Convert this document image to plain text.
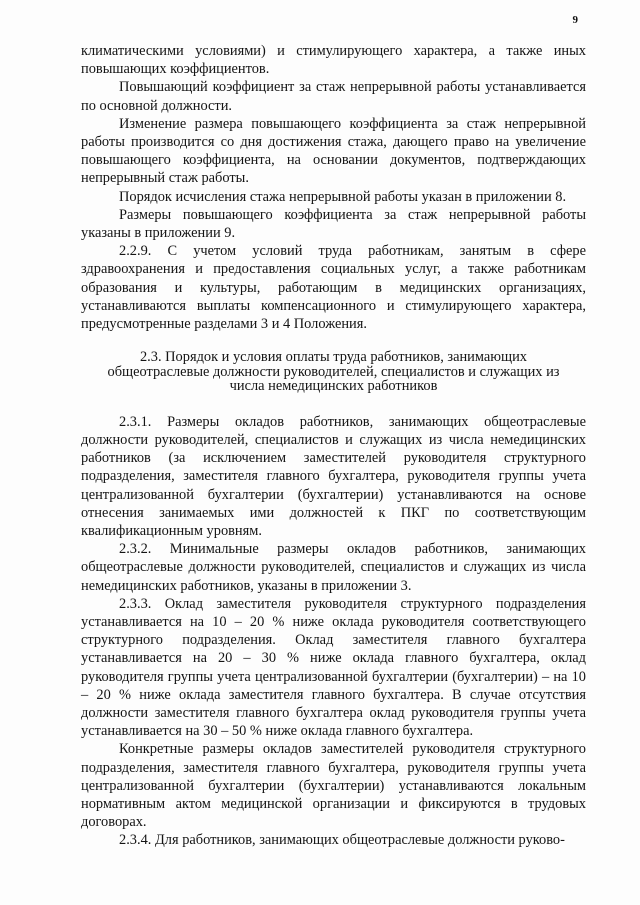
9

климатическими условиями) и стимулирующего характера, а также иных повышающих коэффициентов.

Повышающий коэффициент за стаж непрерывной работы устанавливается по основной должности.

Изменение размера повышающего коэффициента за стаж непрерывной работы производится со дня достижения стажа, дающего право на увеличение повышающего коэффициента, на основании документов, подтверждающих непрерывный стаж работы.

Порядок исчисления стажа непрерывной работы указан в приложении 8.

Размеры повышающего коэффициента за стаж непрерывной работы указаны в приложении 9.

2.2.9. С учетом условий труда работникам, занятым в сфере здравоохранения и предоставления социальных услуг, а также работникам образования и культуры, работающим в медицинских организациях, устанавливаются выплаты компенсационного и стимулирующего характера, предусмотренные разделами 3 и 4 Положения.

2.3. Порядок и условия оплаты труда работников, занимающих
общеотраслевые должности руководителей, специалистов и служащих из
числа немедицинских работников

2.3.1. Размеры окладов работников, занимающих общеотраслевые должности руководителей, специалистов и служащих из числа немедицинских работников (за исключением заместителей руководителя структурного подразделения, заместителя главного бухгалтера, руководителя группы учета централизованной бухгалтерии (бухгалтерии) устанавливаются на основе отнесения занимаемых ими должностей к ПКГ по соответствующим квалификационным уровням.

2.3.2. Минимальные размеры окладов работников, занимающих общеотраслевые должности руководителей, специалистов и служащих из числа немедицинских работников, указаны в приложении 3.

2.3.3. Оклад заместителя руководителя структурного подразделения устанавливается на 10 – 20 % ниже оклада руководителя соответствующего структурного подразделения. Оклад заместителя главного бухгалтера устанавливается на 20 – 30 % ниже оклада главного бухгалтера, оклад руководителя группы учета централизованной бухгалтерии (бухгалтерии) – на 10 – 20 % ниже оклада заместителя главного бухгалтера. В случае отсутствия должности заместителя главного бухгалтера оклад руководителя группы учета устанавливается на 30 – 50 % ниже оклада главного бухгалтера.

Конкретные размеры окладов заместителей руководителя структурного подразделения, заместителя главного бухгалтера, руководителя группы учета централизованной бухгалтерии (бухгалтерии) устанавливаются локальным нормативным актом медицинской организации и фиксируются в трудовых договорах.

2.3.4. Для работников, занимающих общеотраслевые должности руково-
